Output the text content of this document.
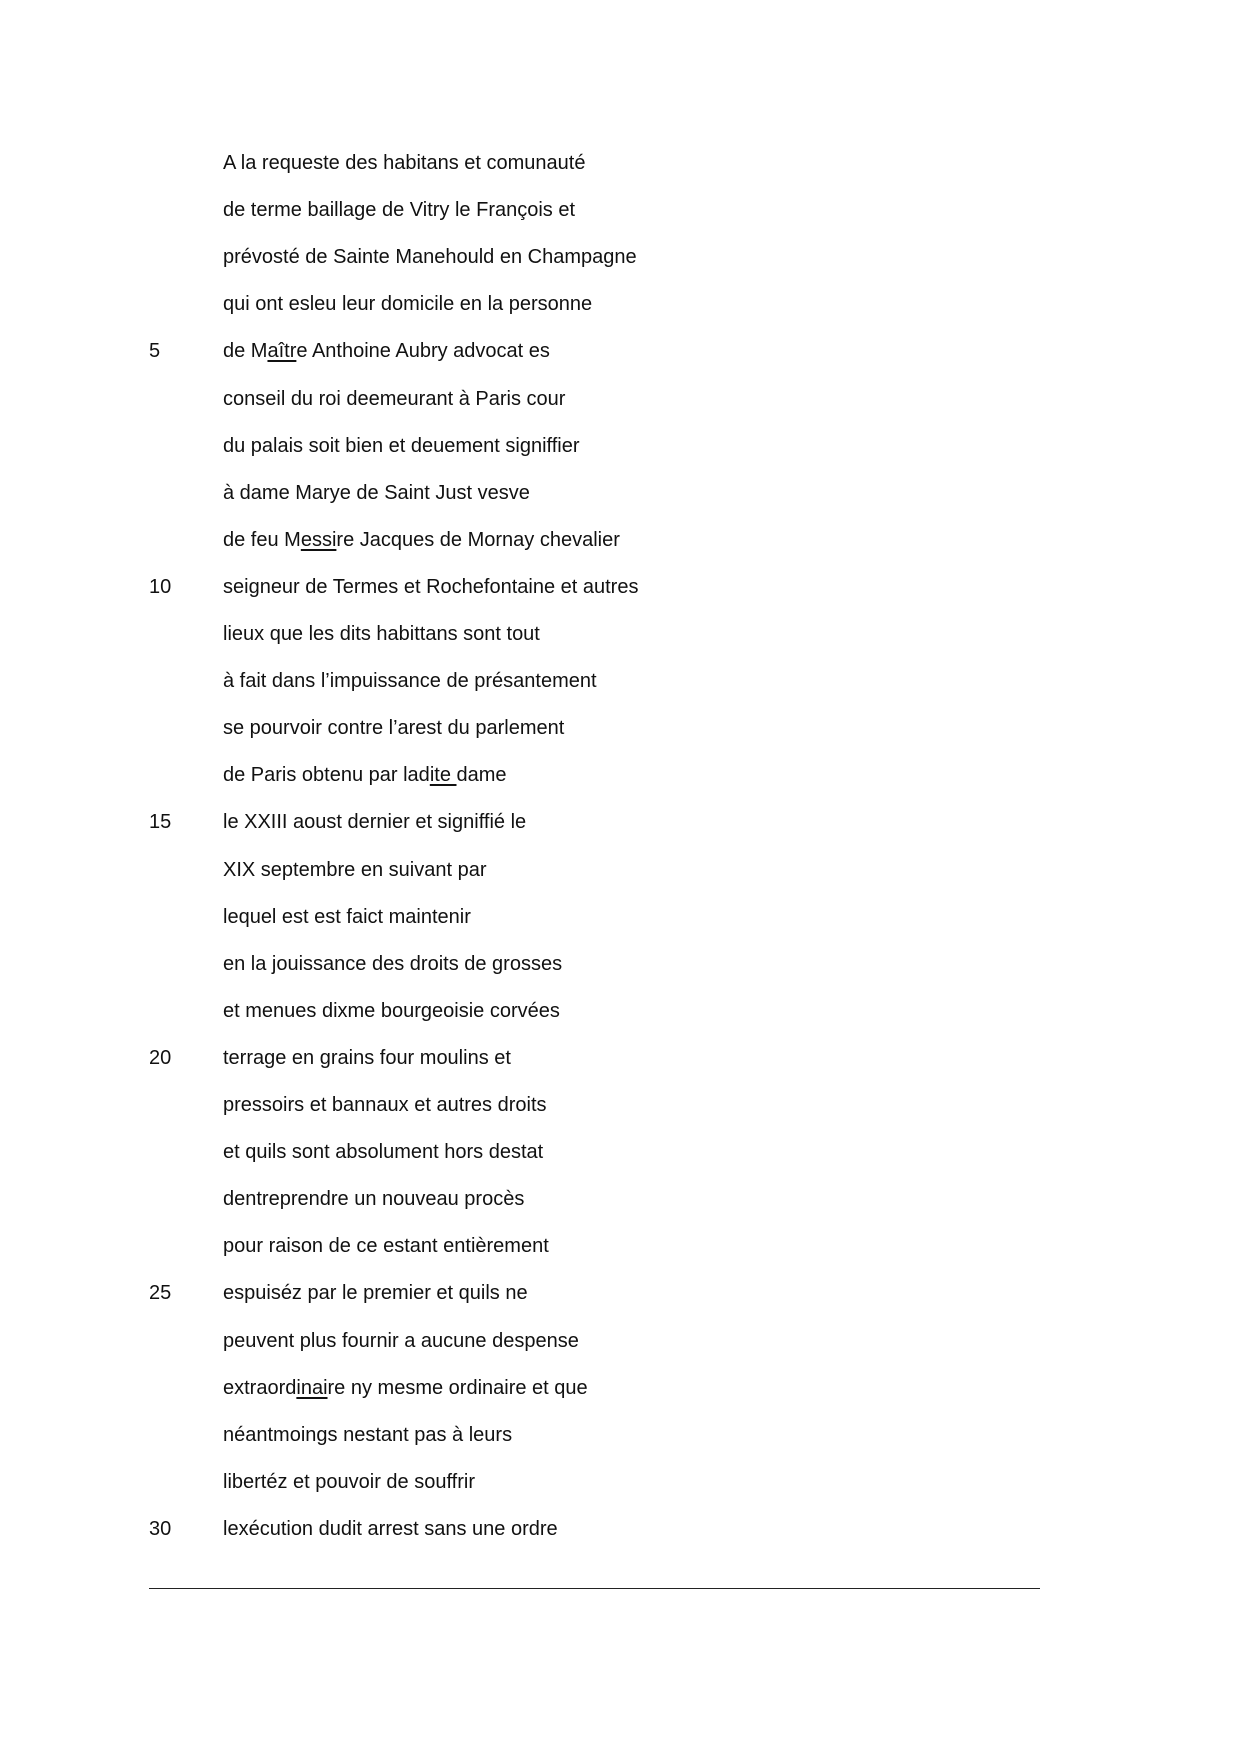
A la requeste des habitans et comunauté
de terme baillage de Vitry le François et
prévosté de Sainte Manehould en Champagne
qui ont esleu leur domicile en la personne
5	de Maître Anthoine Aubry advocat es
conseil du roi deemeurant à Paris cour
du palais soit bien et deuement signiffier
à dame Marye de Saint Just vesve
de feu Messire Jacques de Mornay chevalier
10	seigneur de Termes et Rochefontaine et autres
lieux que les dits habittans sont tout
à fait dans l’impuissance de présantement
se pourvoir contre l’arest du parlement
de Paris obtenu par ladite dame
15	le XXIII aoust dernier et signiffié le
XIX septembre en suivant par
lequel est est faict maintenir
en la jouissance des droits de grosses
et menues dixme bourgeoisie corvées
20	terrage en grains four moulins et
pressoirs et bannaux et autres droits
et quils sont absolument hors destat
dentreprendre un nouveau procès
pour raison de ce estant entièrement
25	espuiséz par le premier et quils ne
peuvent plus fournir a aucune despense
extraordinaire ny mesme ordinaire et que
néantmoings nestant pas à leurs
libertéz et pouvoir de souffrir
30	lexécution dudit arrest sans une ordre
